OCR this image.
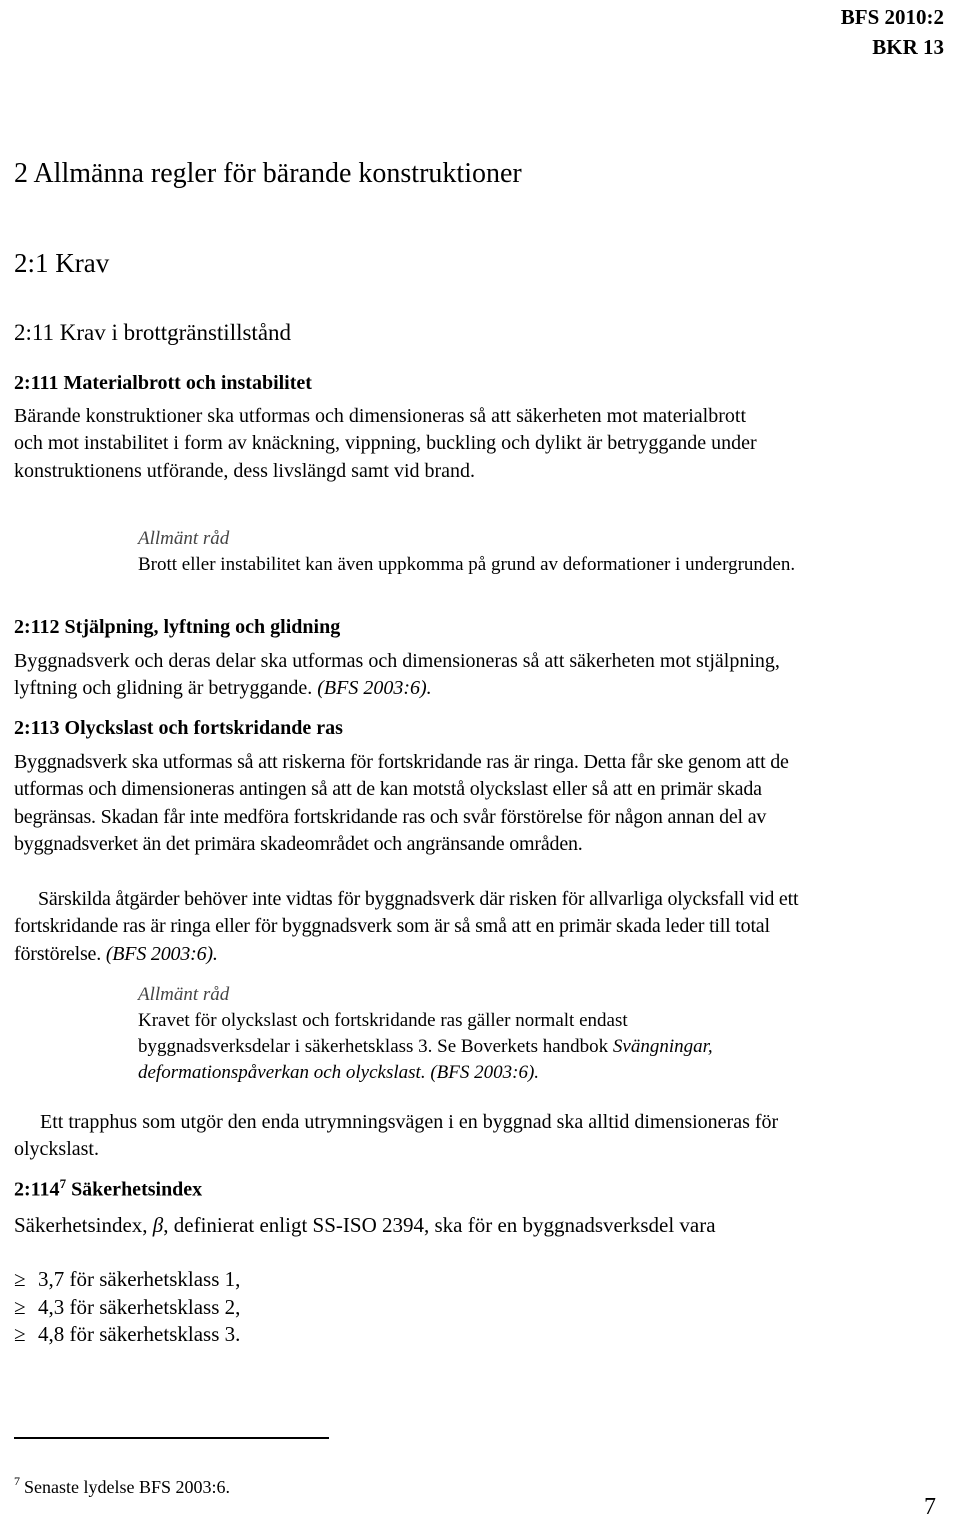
BFS 2010:2
BKR 13
2 Allmänna regler för bärande konstruktioner
2:1 Krav
2:11 Krav i brottgränstillstånd
2:111 Materialbrott och instabilitet
Bärande konstruktioner ska utformas och dimensioneras så att säkerheten mot materialbrott och mot instabilitet i form av knäckning, vippning, buckling och dylikt är betryggande under konstruktionens utförande, dess livslängd samt vid brand.
Allmänt råd
Brott eller instabilitet kan även uppkomma på grund av deformationer i undergrunden.
2:112 Stjälpning, lyftning och glidning
Byggnadsverk och deras delar ska utformas och dimensioneras så att säkerheten mot stjälpning, lyftning och glidning är betryggande. (BFS 2003:6).
2:113 Olyckslast och fortskridande ras
Byggnadsverk ska utformas så att riskerna för fortskridande ras är ringa. Detta får ske genom att de utformas och dimensioneras antingen så att de kan motstå olyckslast eller så att en primär skada begränsas. Skadan får inte medföra fortskridande ras och svår förstörelse för någon annan del av byggnadsverket än det primära skadeområdet och angränsande områden.
Särskilda åtgärder behöver inte vidtas för byggnadsverk där risken för allvarliga olycksfall vid ett fortskridande ras är ringa eller för byggnadsverk som är så små att en primär skada leder till total förstörelse. (BFS 2003:6).
Allmänt råd
Kravet för olyckslast och fortskridande ras gäller normalt endast byggnadsverksdelar i säkerhetsklass 3. Se Boverkets handbok Svängningar, deformationspåverkan och olyckslast. (BFS 2003:6).
Ett trapphus som utgör den enda utrymningsvägen i en byggnad ska alltid dimensioneras för olyckslast.
$2:114^7$ Säkerhetsindex
Säkerhetsindex, β, definierat enligt SS-ISO 2394, ska för en byggnadsverksdel vara
≥ 3,7 för säkerhetsklass 1,
≥ 4,3 för säkerhetsklass 2,
≥ 4,8 för säkerhetsklass 3.
$^7$ Senaste lydelse BFS 2003:6.
7
